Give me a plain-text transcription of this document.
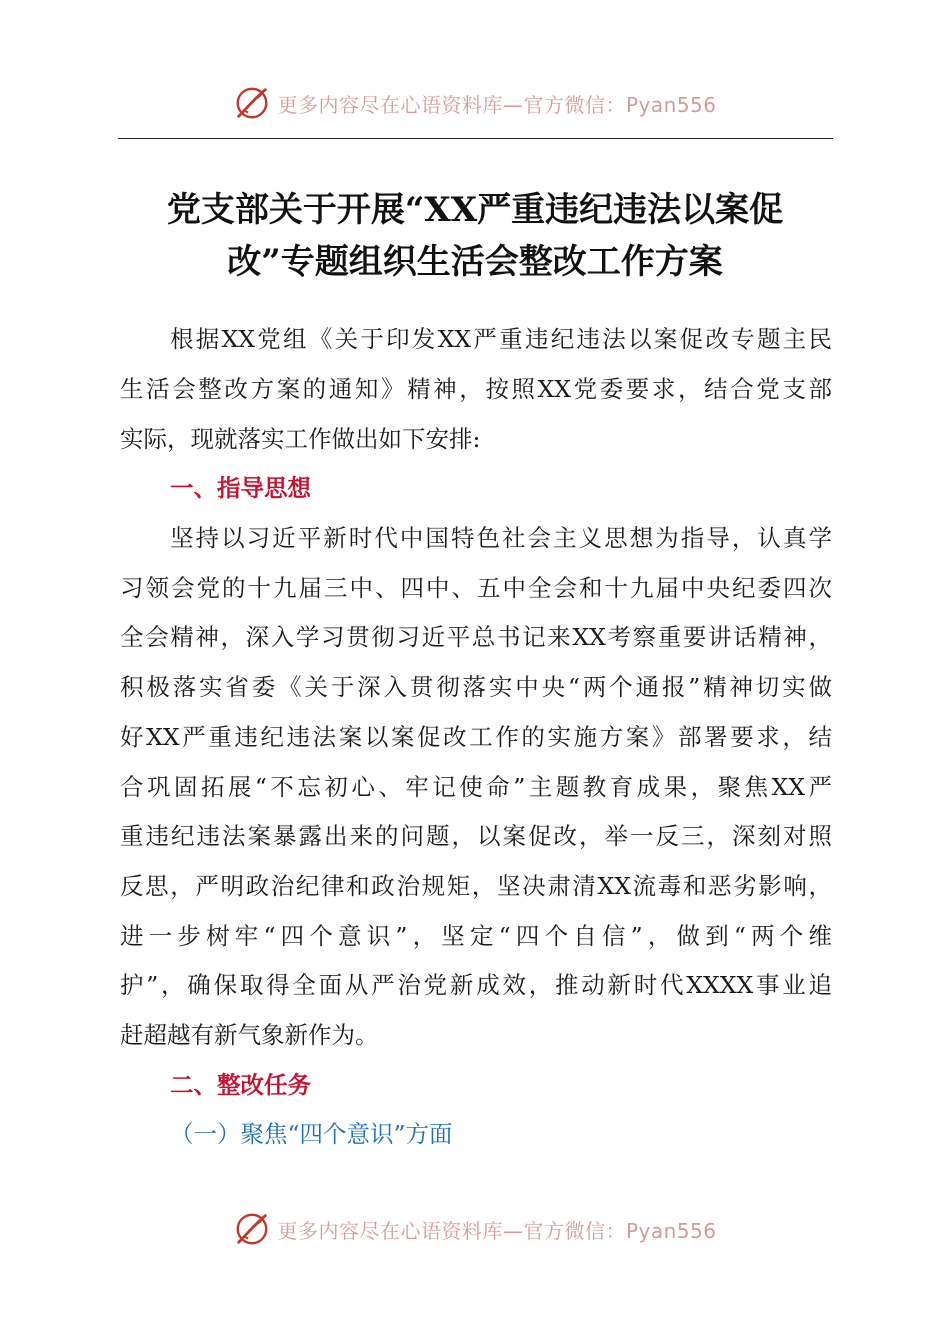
更多内容尽在心语资料库—官方微信：Pyan556
党支部关于开展“XX严重违纪违法以案促
改”专题组织生活会整改工作方案
根据XX党组《关于印发XX严重违纪违法以案促改专题主民
生活会整改方案的通知》精神，按照XX党委要求，结合党支部
实际，现就落实工作做出如下安排:
一、指导思想
坚持以习近平新时代中国特色社会主义思想为指导，认真学
习领会党的十九届三中、四中、五中全会和十九届中央纪委四次
全会精神，深入学习贯彻习近平总书记来XX考察重要讲话精神，
积极落实省委《关于深入贯彻落实中央“两个通报”精神切实做
好XX严重违纪违法案以案促改工作的实施方案》部署要求，结
合巩固拓展“不忘初心、牢记使命”主题教育成果，聚焦XX严
重违纪违法案暴露出来的问题，以案促改，举一反三，深刻对照
反思，严明政治纪律和政治规矩，坚决肃清XX流毒和恶劣影响，
进一步树牢“四个意识”，坚定“四个自信”，做到“两个维
护”，确保取得全面从严治党新成效，推动新时代XXXX事业追
赶超越有新气象新作为。
二、整改任务
（一）聚焦“四个意识”方面
更多内容尽在心语资料库—官方微信：Pyan556
